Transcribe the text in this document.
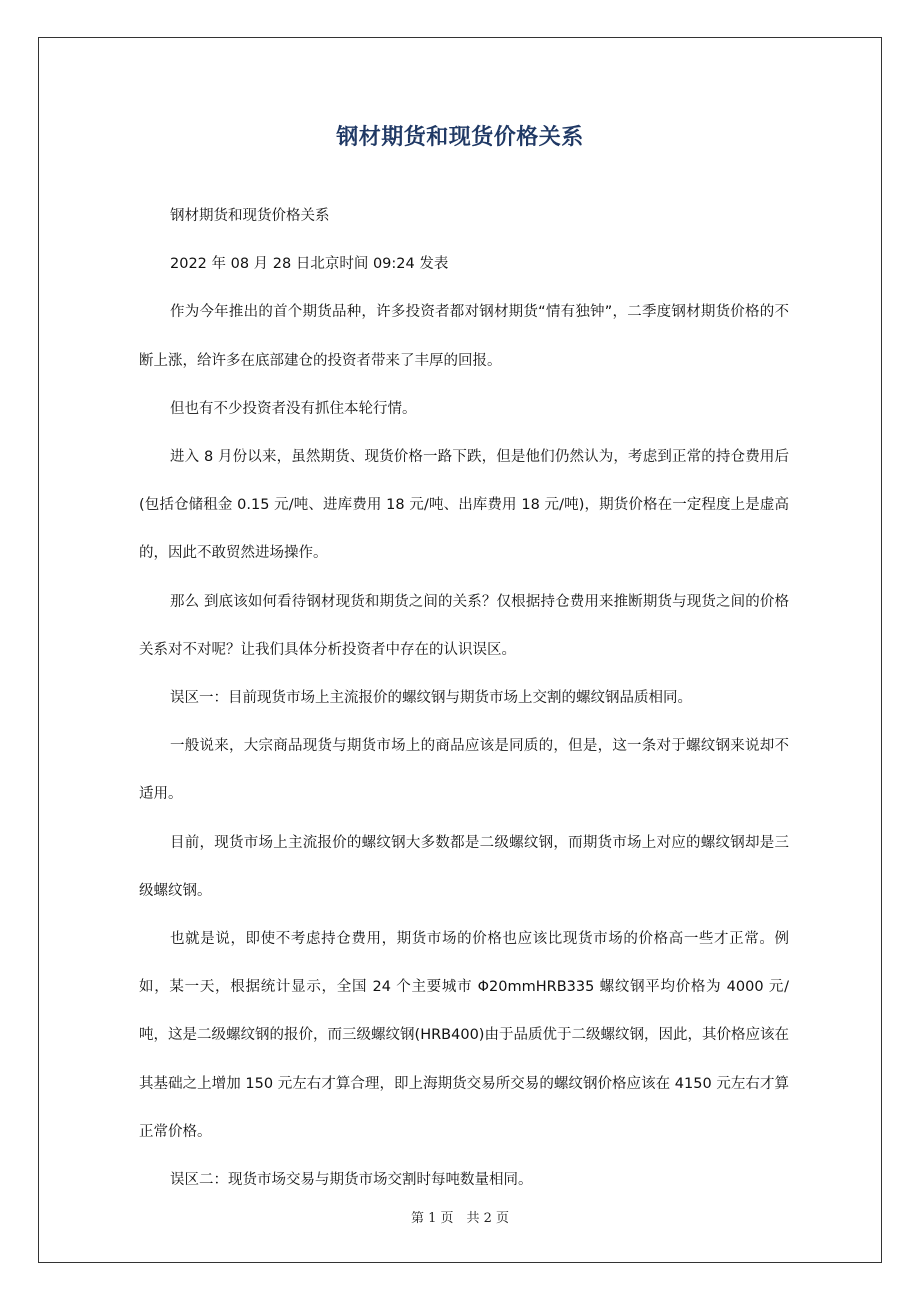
钢材期货和现货价格关系

钢材期货和现货价格关系

2022 年 08 月 28 日北京时间 09:24 发表

作为今年推出的首个期货品种，许多投资者都对钢材期货“情有独钟”，二季度钢材期货价格的不断上涨，给许多在底部建仓的投资者带来了丰厚的回报。

但也有不少投资者没有抓住本轮行情。

进入 8 月份以来，虽然期货、现货价格一路下跌，但是他们仍然认为，考虑到正常的持仓费用后(包括仓储租金 0.15 元/吨、进库费用 18 元/吨、出库费用 18 元/吨)，期货价格在一定程度上是虚高的，因此不敢贸然进场操作。

那么 到底该如何看待钢材现货和期货之间的关系？仅根据持仓费用来推断期货与现货之间的价格关系对不对呢？让我们具体分析投资者中存在的认识误区。

误区一：目前现货市场上主流报价的螺纹钢与期货市场上交割的螺纹钢品质相同。

一般说来，大宗商品现货与期货市场上的商品应该是同质的，但是，这一条对于螺纹钢来说却不适用。

目前，现货市场上主流报价的螺纹钢大多数都是二级螺纹钢，而期货市场上对应的螺纹钢却是三级螺纹钢。

也就是说，即使不考虑持仓费用，期货市场的价格也应该比现货市场的价格高一些才正常。例如，某一天，根据统计显示，全国 24 个主要城市 Φ20mmHRB335 螺纹钢平均价格为 4000 元/吨，这是二级螺纹钢的报价，而三级螺纹钢(HRB400)由于品质优于二级螺纹钢，因此，其价格应该在其基础之上增加 150 元左右才算合理，即上海期货交易所交易的螺纹钢价格应该在 4150 元左右才算正常价格。

误区二：现货市场交易与期货市场交割时每吨数量相同。

第 1 页　共 2 页
